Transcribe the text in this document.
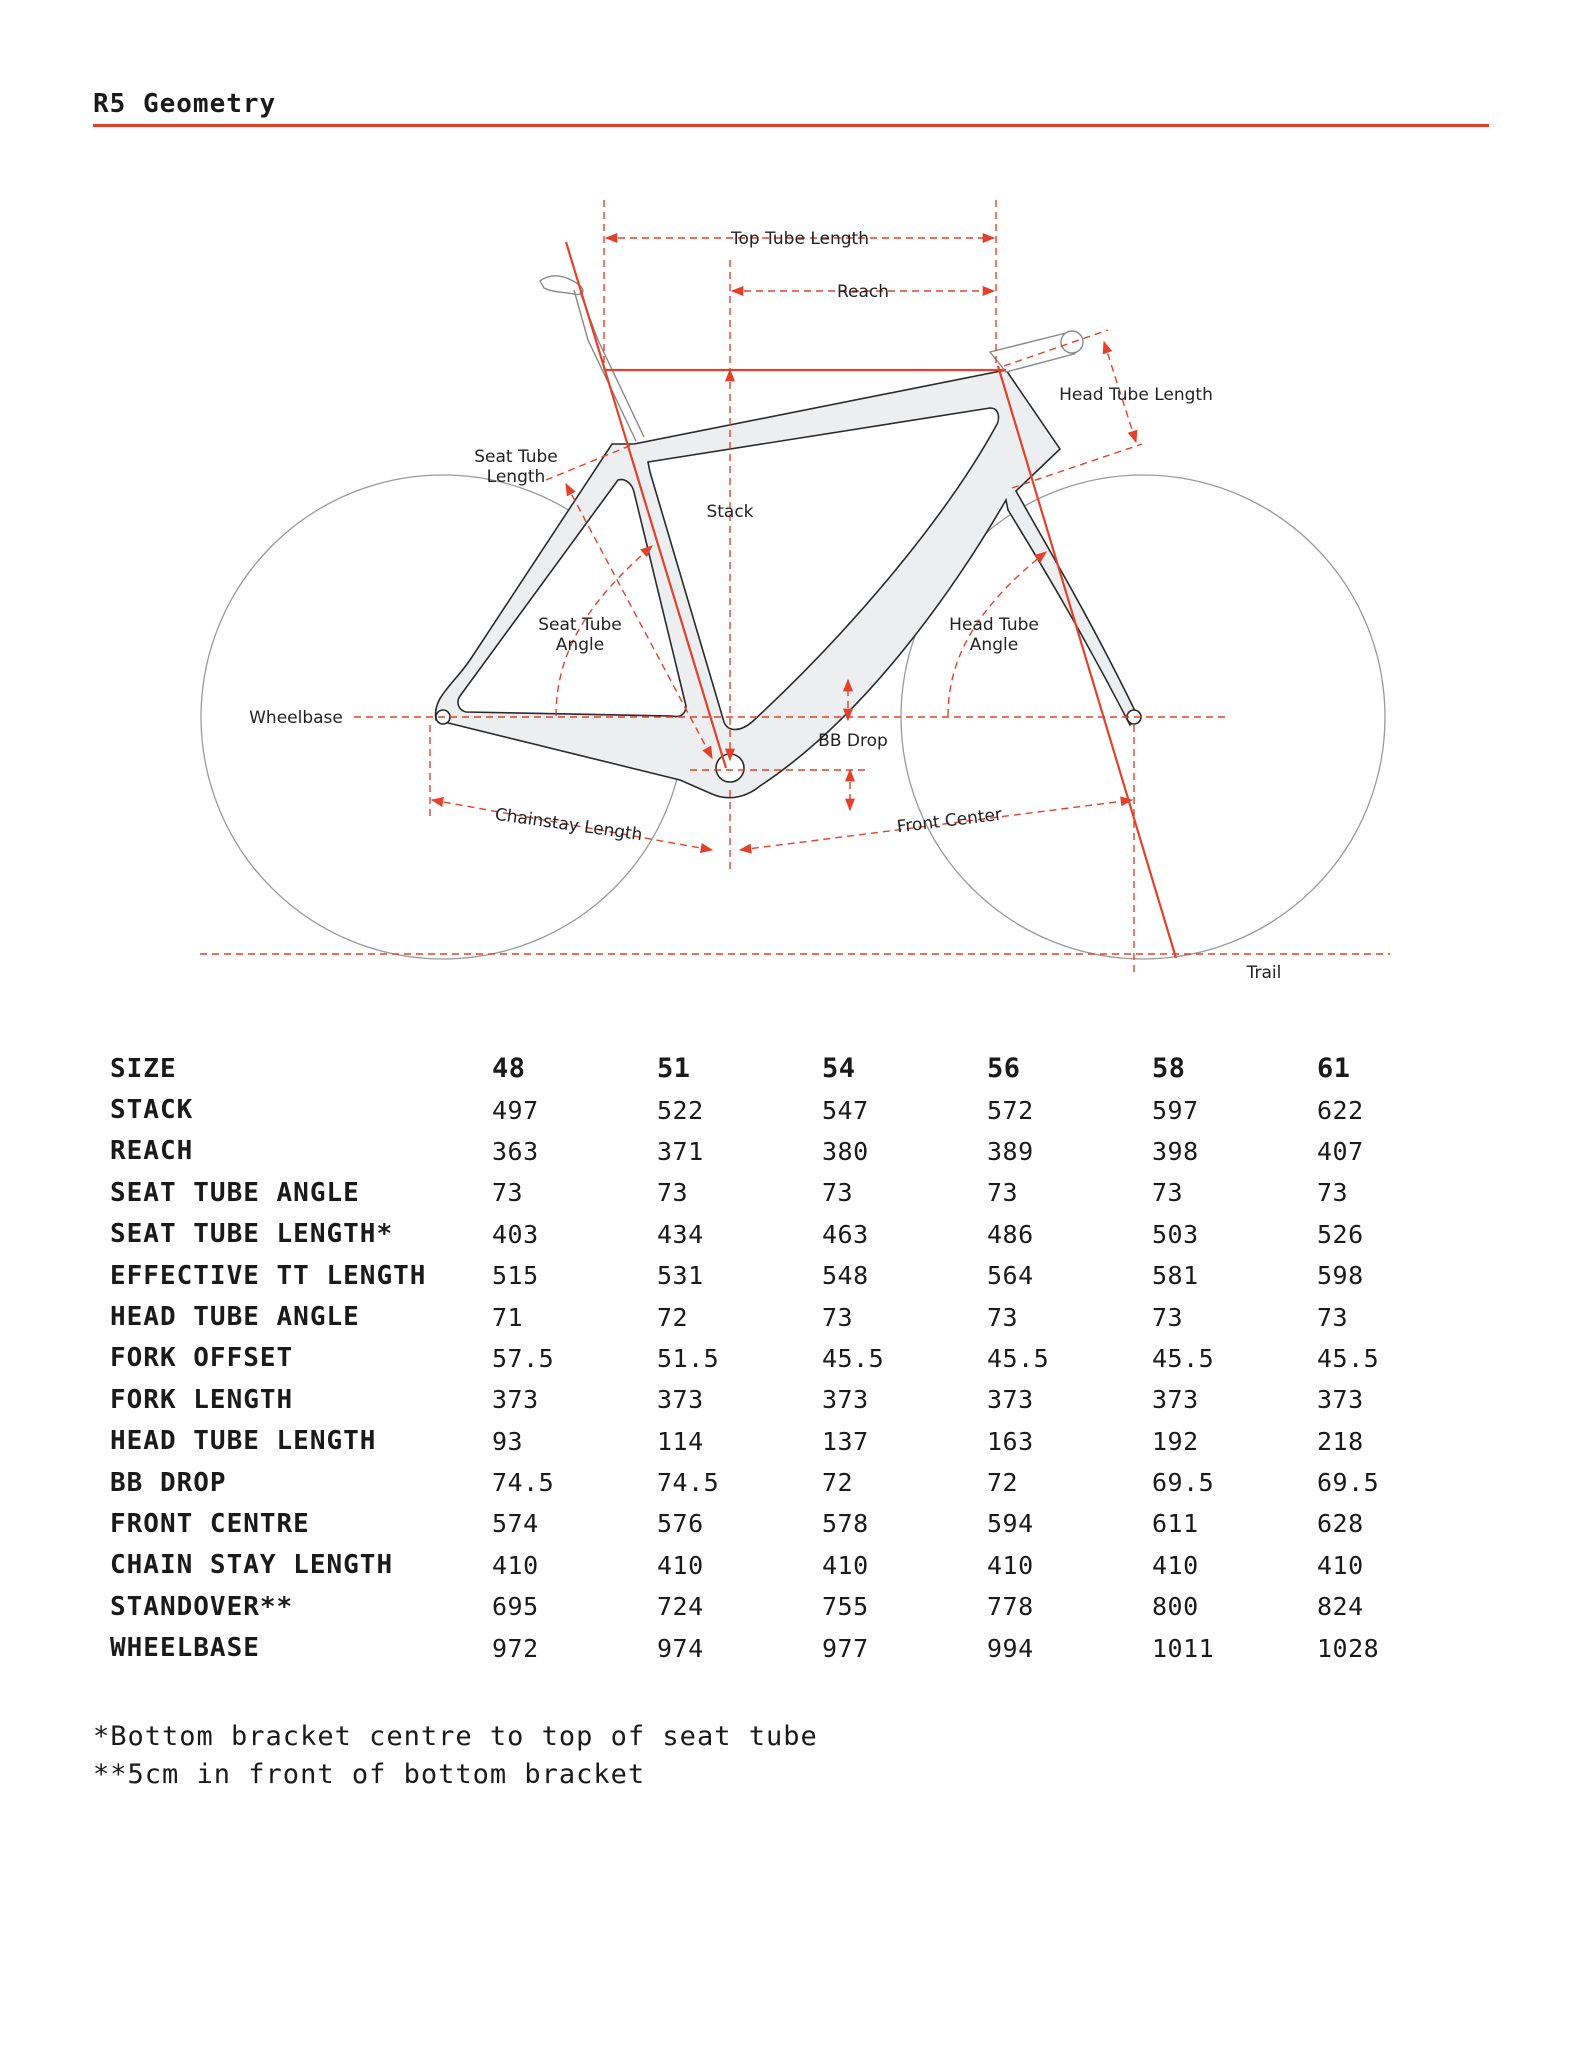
R5 Geometry
Top Tube Length
Reach
Head Tube Length
Seat Tube
Length
Stack
Seat Tube
Angle
Head Tube
Angle
Wheelbase
BB Drop
Chainstay Length	Front Center
Trail
SIZE	48	51	54	56	58	61
STACK	497	522	547	572	597	622
REACH	363	371	380	389	398	407
SEAT TUBE ANGLE	73	73	73	73	73	73
SEAT TUBE LENGTH*	403	434	463	486	503	526
EFFECTIVE TT LENGTH	515	531	548	564	581	598
HEAD TUBE ANGLE	71	72	73	73	73	73
FORK OFFSET	57.5	51.5	45.5	45.5	45.5	45.5
FORK LENGTH	373	373	373	373	373	373
HEAD TUBE LENGTH	93	114	137	163	192	218
BB DROP	74.5	74.5	72	72	69.5	69.5
FRONT CENTRE	574	576	578	594	611	628
CHAIN STAY LENGTH	410	410	410	410	410	410
STANDOVER**	695	724	755	778	800	824
WHEELBASE	972	974	977	994	1011	1028
*Bottom bracket centre to top of seat tube
**5cm in front of bottom bracket
